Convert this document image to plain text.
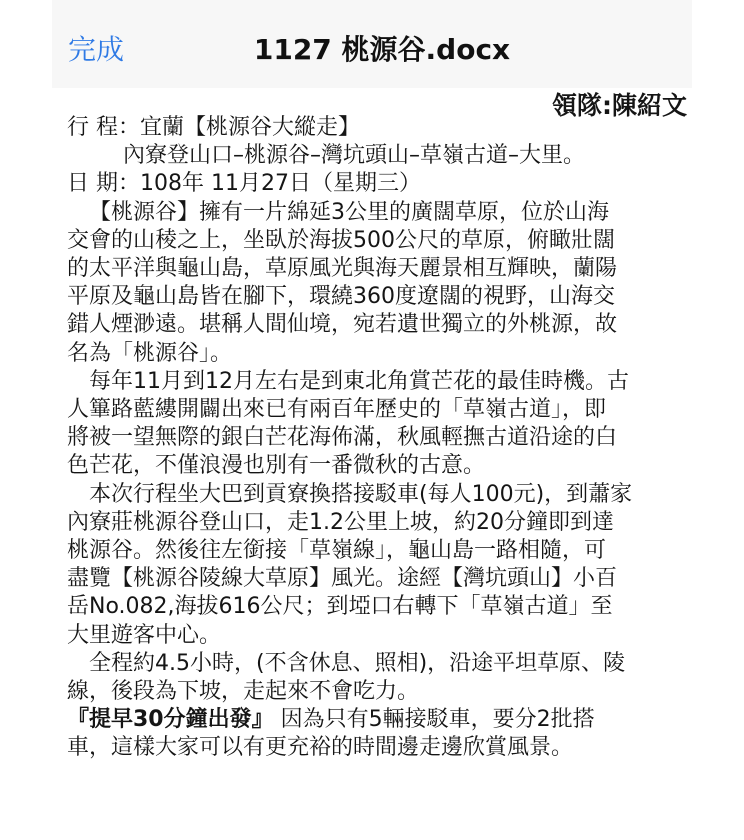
完成	1127 桃源谷.docx
領隊:陳紹文
行 程：宜蘭【桃源谷大縱走】
內寮登山口–桃源谷–灣坑頭山–草嶺古道–大里。
日 期：108年 11月27日（星期三）
【桃源谷】擁有一片綿延3公里的廣闊草原，位於山海
交會的山稜之上，坐臥於海拔500公尺的草原，俯瞰壯闊
的太平洋與龜山島，草原風光與海天麗景相互輝映，蘭陽
平原及龜山島皆在腳下，環繞360度遼闊的視野，山海交
錯人煙渺遠。堪稱人間仙境，宛若遺世獨立的外桃源，故
名為「桃源谷」。
每年11月到12月左右是到東北角賞芒花的最佳時機。古
人篳路藍縷開闢出來已有兩百年歷史的「草嶺古道」，即
將被一望無際的銀白芒花海佈滿，秋風輕撫古道沿途的白
色芒花，不僅浪漫也別有一番微秋的古意。
本次行程坐大巴到貢寮換搭接駁車(每人100元)，到蕭家
內寮莊桃源谷登山口，走1.2公里上坡，約20分鐘即到達
桃源谷。然後往左銜接「草嶺線」，龜山島一路相隨，可
盡覽【桃源谷陵線大草原】風光。途經【灣坑頭山】小百
岳No.082,海拔616公尺；到埡口右轉下「草嶺古道」至
大里遊客中心。
全程約4.5小時，(不含休息、照相)，沿途平坦草原、陵
線，後段為下坡，走起來不會吃力。
『提早30分鐘出發』 因為只有5輛接駁車，要分2批搭
車，這樣大家可以有更充裕的時間邊走邊欣賞風景。
